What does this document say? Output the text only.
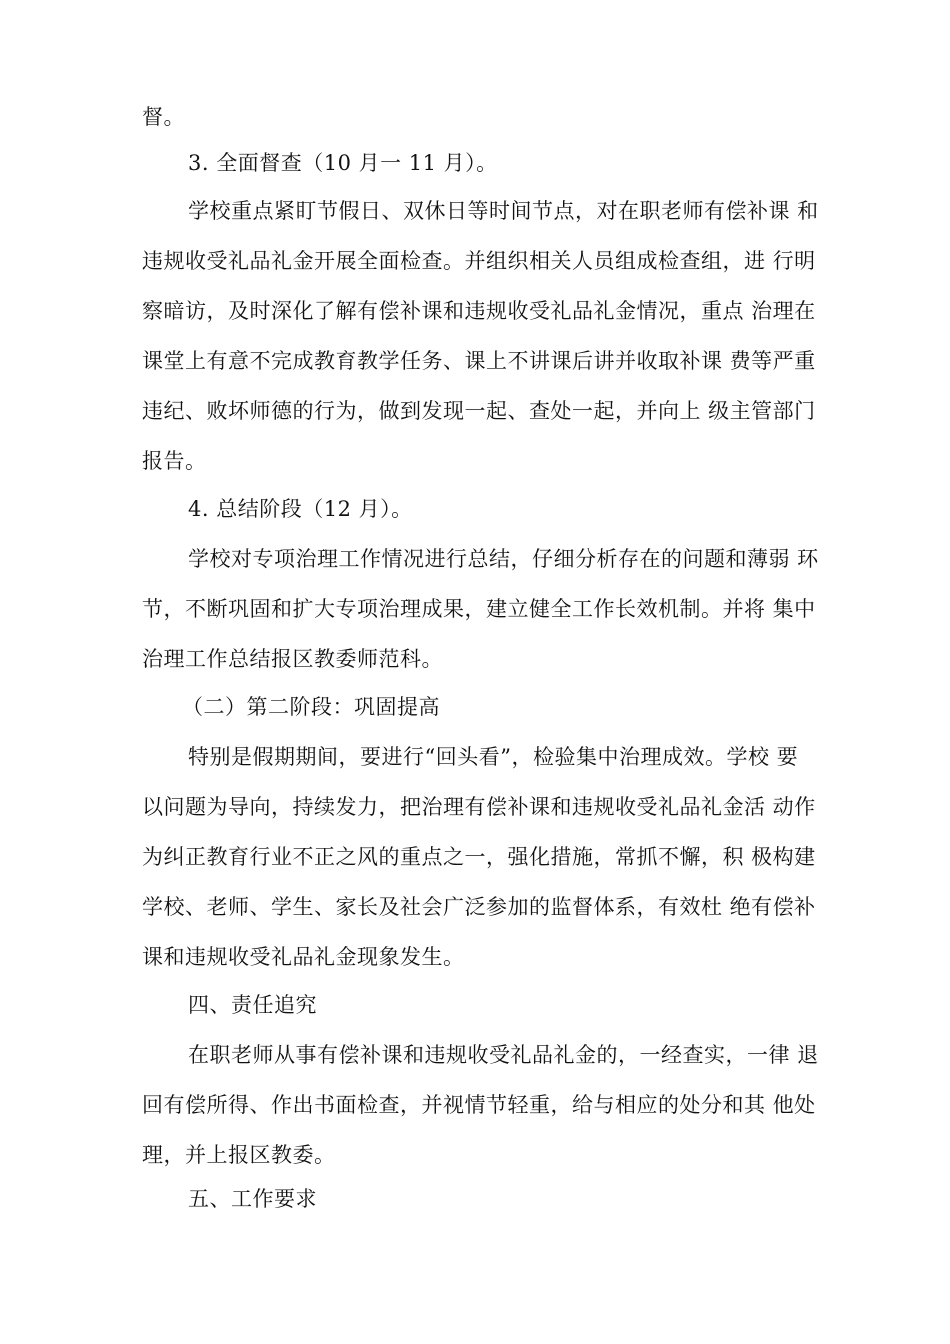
督。
3. 全面督查（10 月一 11 月）。
学校重点紧盯节假日、双休日等时间节点，对在职老师有偿补课 和
违规收受礼品礼金开展全面检查。并组织相关人员组成检查组，进 行明
察暗访，及时深化了解有偿补课和违规收受礼品礼金情况，重点 治理在
课堂上有意不完成教育教学任务、课上不讲课后讲并收取补课 费等严重
违纪、败坏师德的行为，做到发现一起、查处一起，并向上 级主管部门
报告。
4. 总结阶段（12 月）。
学校对专项治理工作情况进行总结，仔细分析存在的问题和薄弱 环
节，不断巩固和扩大专项治理成果，建立健全工作长效机制。并将 集中
治理工作总结报区教委师范科。
（二）第二阶段：巩固提高
特别是假期期间，要进行“回头看”，检验集中治理成效。学校 要
以问题为导向，持续发力，把治理有偿补课和违规收受礼品礼金活 动作
为纠正教育行业不正之风的重点之一，强化措施，常抓不懈，积 极构建
学校、老师、学生、家长及社会广泛参加的监督体系，有效杜 绝有偿补
课和违规收受礼品礼金现象发生。
四、责任追究
在职老师从事有偿补课和违规收受礼品礼金的，一经查实，一律 退
回有偿所得、作出书面检查，并视情节轻重，给与相应的处分和其 他处
理，并上报区教委。
五、工作要求
